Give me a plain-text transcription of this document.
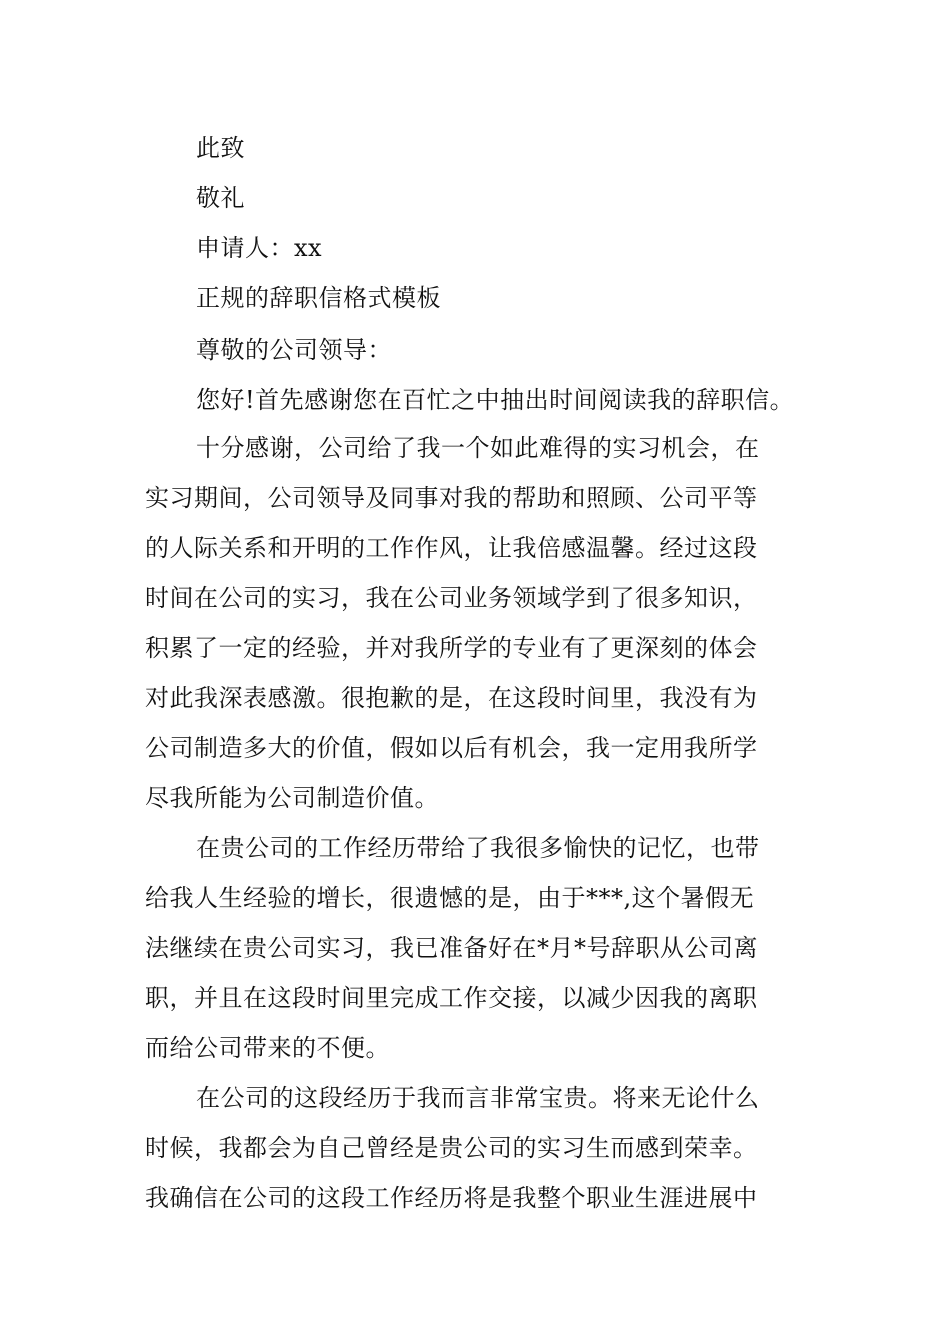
此致
敬礼
申请人：xx
正规的辞职信格式模板
尊敬的公司领导：
您好!首先感谢您在百忙之中抽出时间阅读我的辞职信。
十分感谢，公司给了我一个如此难得的实习机会，在
实习期间，公司领导及同事对我的帮助和照顾、公司平等
的人际关系和开明的工作作风，让我倍感温馨。经过这段
时间在公司的实习，我在公司业务领域学到了很多知识，
积累了一定的经验，并对我所学的专业有了更深刻的体会
对此我深表感激。很抱歉的是，在这段时间里，我没有为
公司制造多大的价值，假如以后有机会，我一定用我所学
尽我所能为公司制造价值。
在贵公司的工作经历带给了我很多愉快的记忆，也带
给我人生经验的增长，很遗憾的是，由于***,这个暑假无
法继续在贵公司实习，我已准备好在*月*号辞职从公司离
职，并且在这段时间里完成工作交接，以减少因我的离职
而给公司带来的不便。
在公司的这段经历于我而言非常宝贵。将来无论什么
时候，我都会为自己曾经是贵公司的实习生而感到荣幸。
我确信在公司的这段工作经历将是我整个职业生涯进展中
